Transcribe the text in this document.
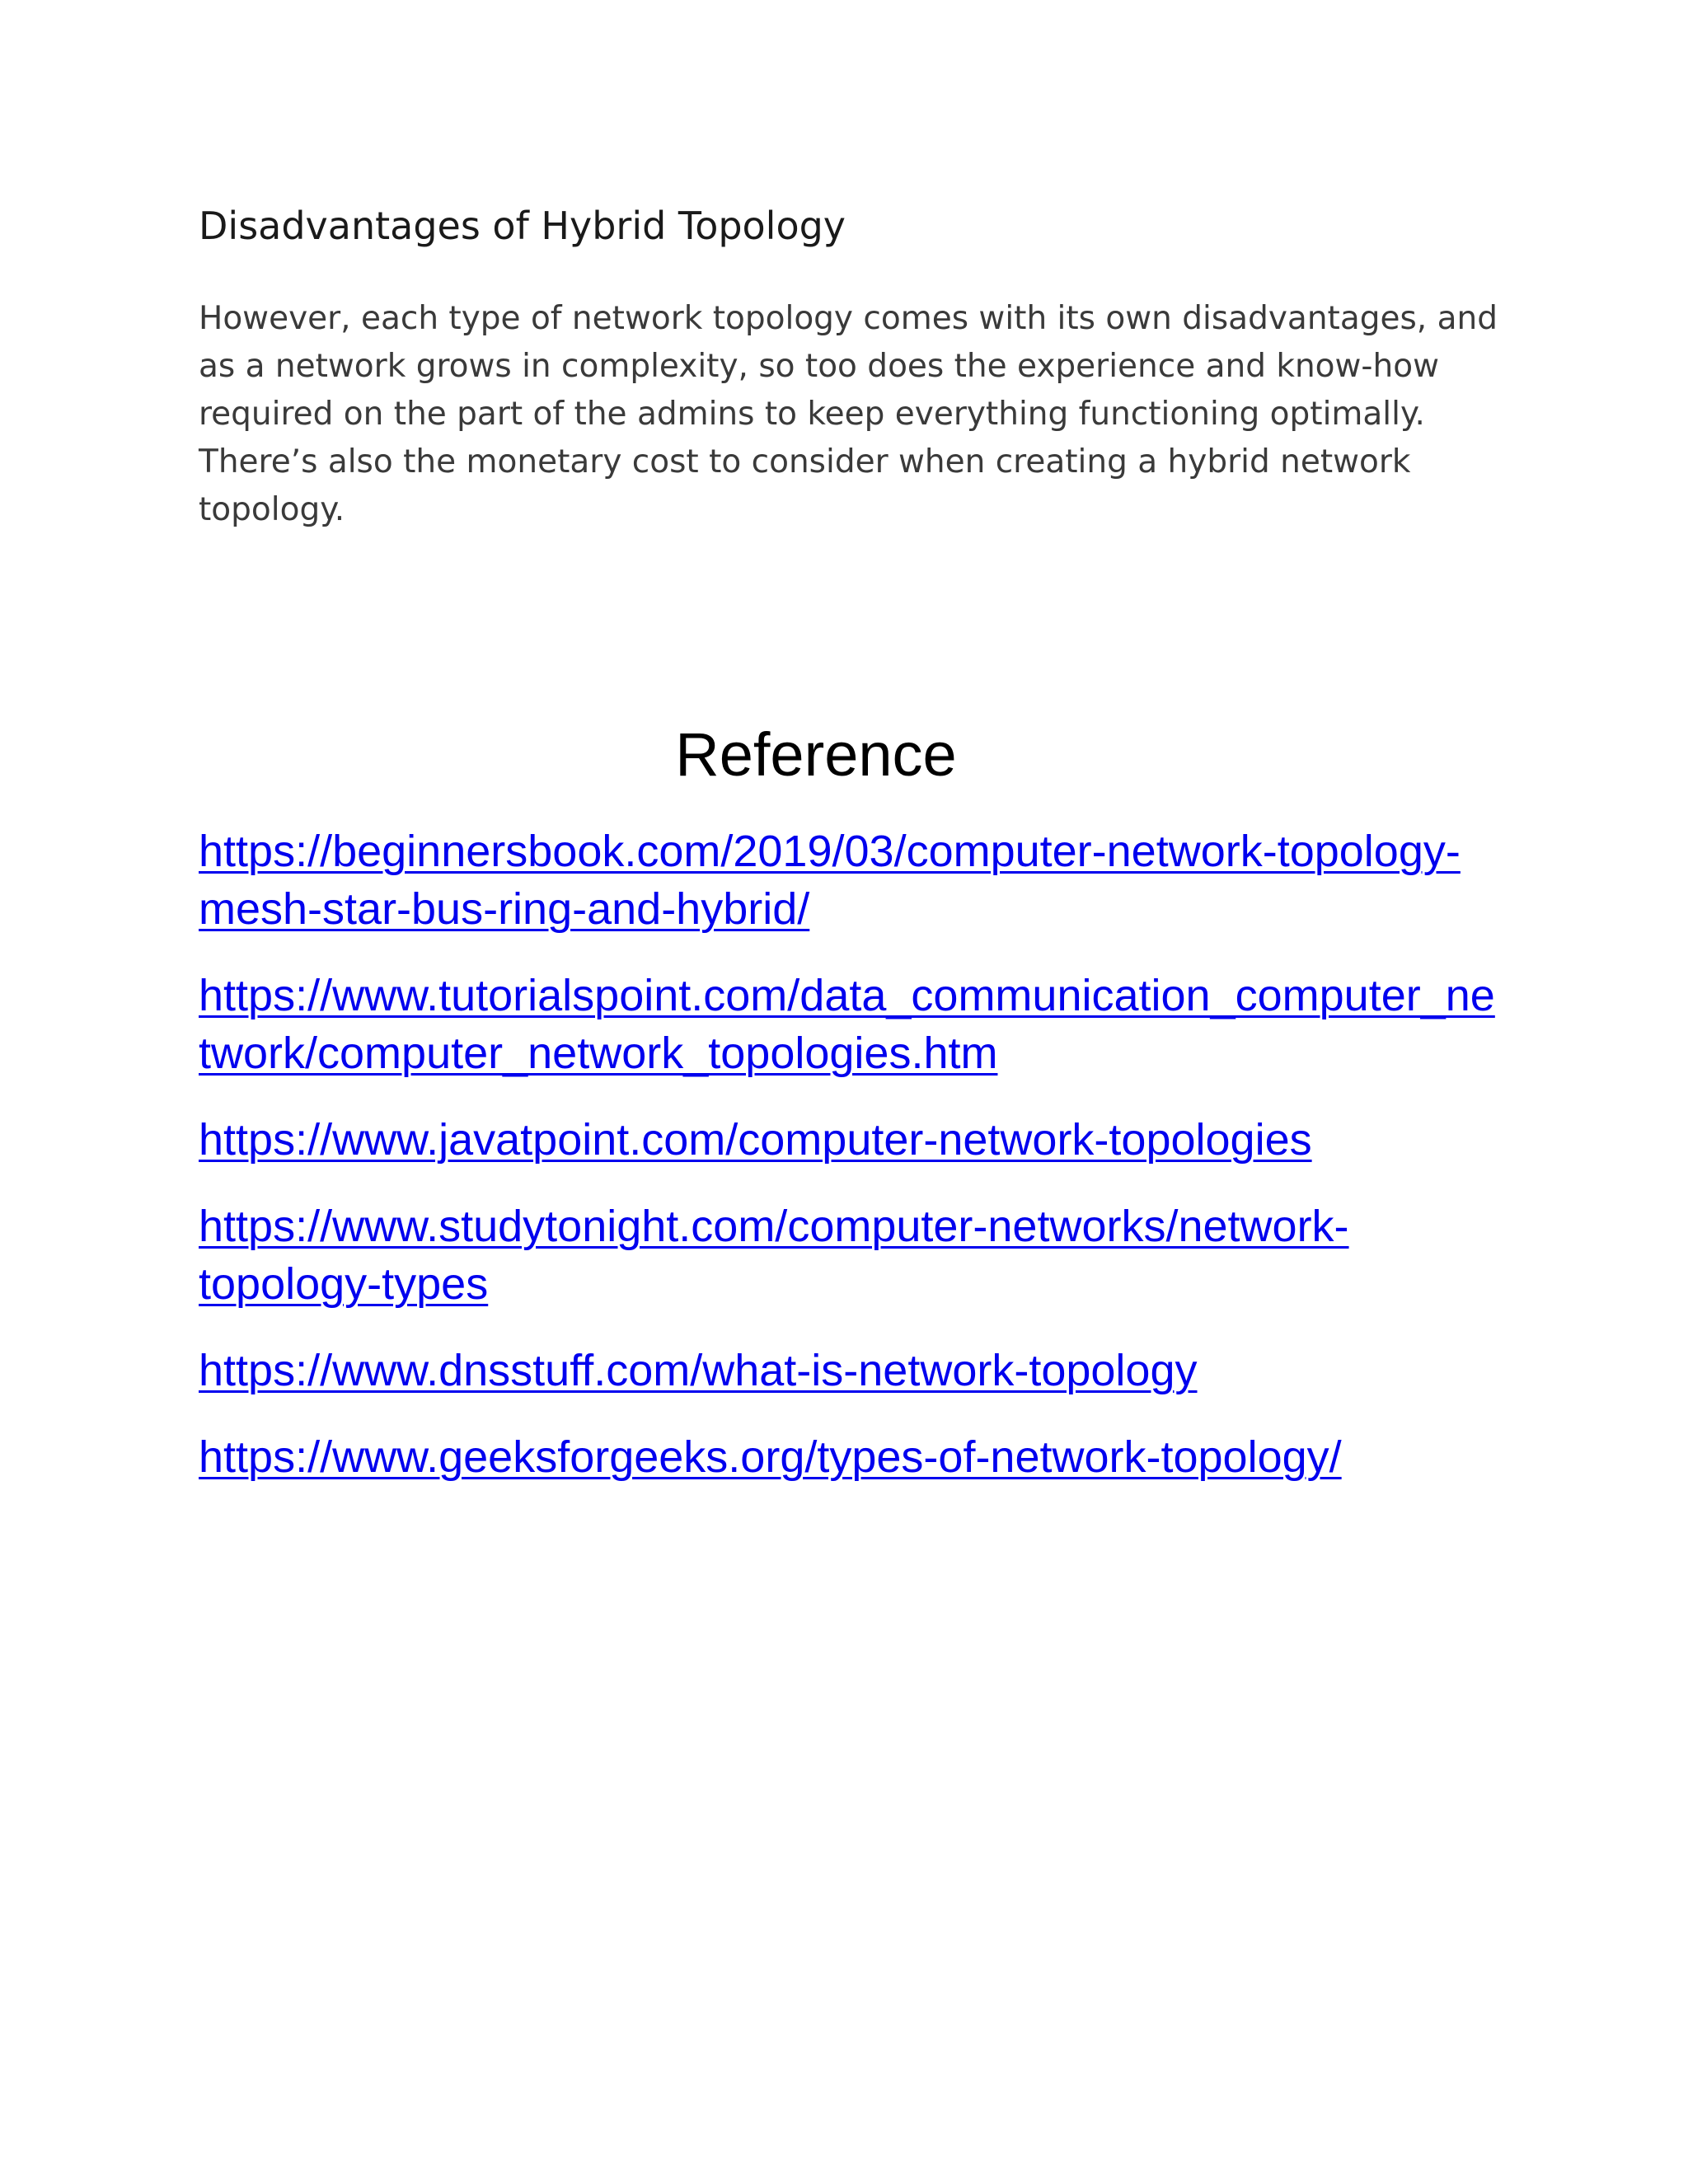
Disadvantages of Hybrid Topology

However, each type of network topology comes with its own disadvantages, and
as a network grows in complexity, so too does the experience and know-how
required on the part of the admins to keep everything functioning optimally.
There’s also the monetary cost to consider when creating a hybrid network
topology.

Reference
https://beginnersbook.com/2019/03/computer-network-topology-
mesh-star-bus-ring-and-hybrid/
https://www.tutorialspoint.com/data_communication_computer_ne
twork/computer_network_topologies.htm
https://www.javatpoint.com/computer-network-topologies
https://www.studytonight.com/computer-networks/network-
topology-types
https://www.dnsstuff.com/what-is-network-topology
https://www.geeksforgeeks.org/types-of-network-topology/
